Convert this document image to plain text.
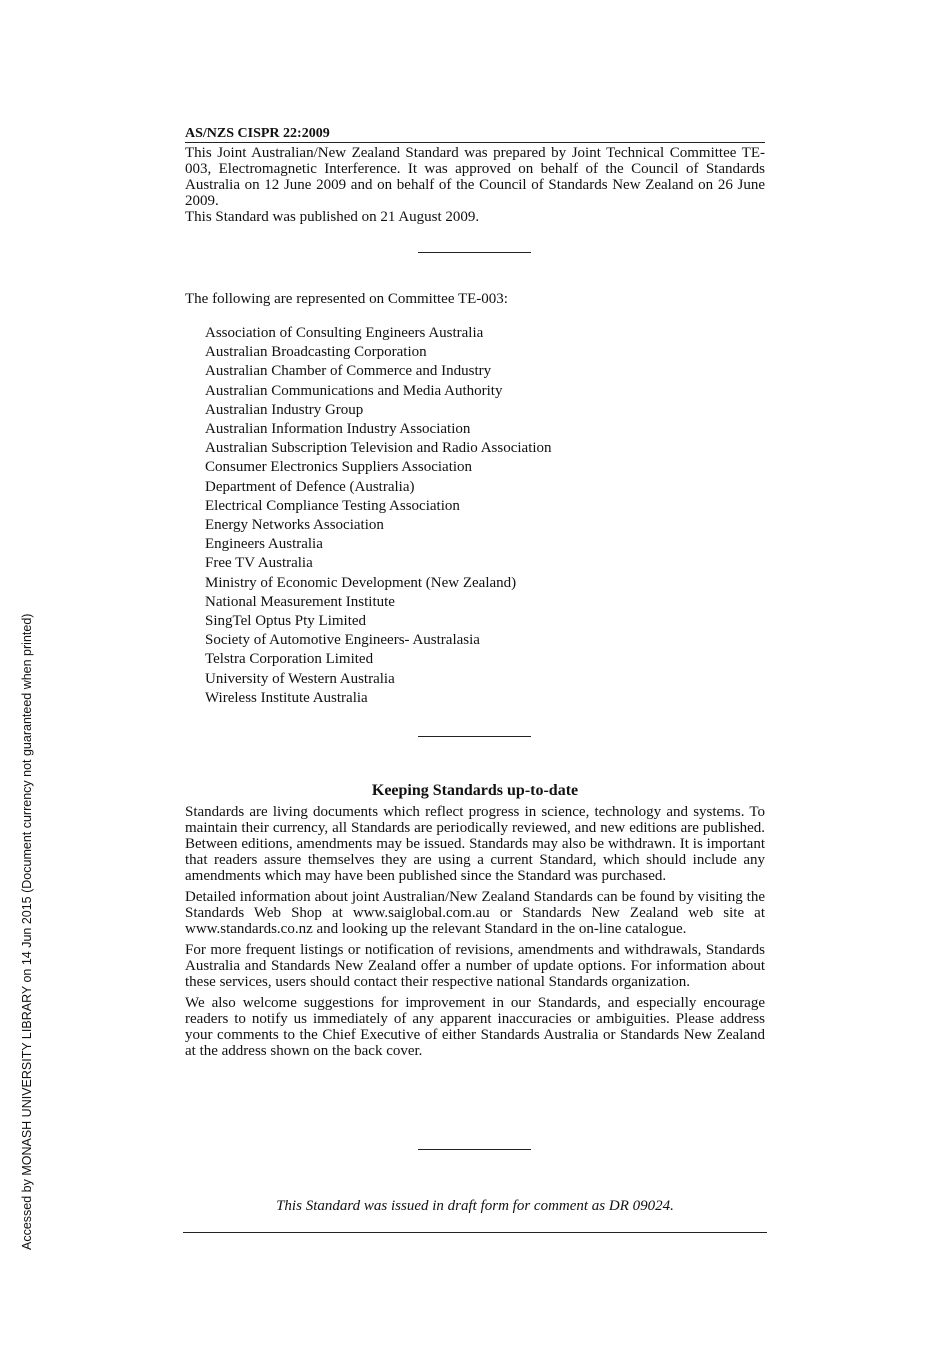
Accessed by MONASH UNIVERSITY LIBRARY on 14 Jun 2015 (Document currency not guaranteed when printed)
AS/NZS CISPR 22:2009

This Joint Australian/New Zealand Standard was prepared by Joint Technical Committee TE-003, Electromagnetic Interference. It was approved on behalf of the Council of Standards Australia on 12 June 2009 and on behalf of the Council of Standards New Zealand on 26 June 2009.

This Standard was published on 21 August 2009.

The following are represented on Committee TE-003:
Association of Consulting Engineers Australia
Australian Broadcasting Corporation
Australian Chamber of Commerce and Industry
Australian Communications and Media Authority
Australian Industry Group
Australian Information Industry Association
Australian Subscription Television and Radio Association
Consumer Electronics Suppliers Association
Department of Defence (Australia)
Electrical Compliance Testing Association
Energy Networks Association
Engineers Australia
Free TV Australia
Ministry of Economic Development (New Zealand)
National Measurement Institute
SingTel Optus Pty Limited
Society of Automotive Engineers- Australasia
Telstra Corporation Limited
University of Western Australia
Wireless Institute Australia
Keeping Standards up-to-date

Standards are living documents which reflect progress in science, technology and systems. To maintain their currency, all Standards are periodically reviewed, and new editions are published. Between editions, amendments may be issued. Standards may also be withdrawn. It is important that readers assure themselves they are using a current Standard, which should include any amendments which may have been published since the Standard was purchased.

Detailed information about joint Australian/New Zealand Standards can be found by visiting the Standards Web Shop at www.saiglobal.com.au or Standards New Zealand web site at www.standards.co.nz and looking up the relevant Standard in the on-line catalogue.

For more frequent listings or notification of revisions, amendments and withdrawals, Standards Australia and Standards New Zealand offer a number of update options. For information about these services, users should contact their respective national Standards organization.

We also welcome suggestions for improvement in our Standards, and especially encourage readers to notify us immediately of any apparent inaccuracies or ambiguities. Please address your comments to the Chief Executive of either Standards Australia or Standards New Zealand at the address shown on the back cover.

This Standard was issued in draft form for comment as DR 09024.
